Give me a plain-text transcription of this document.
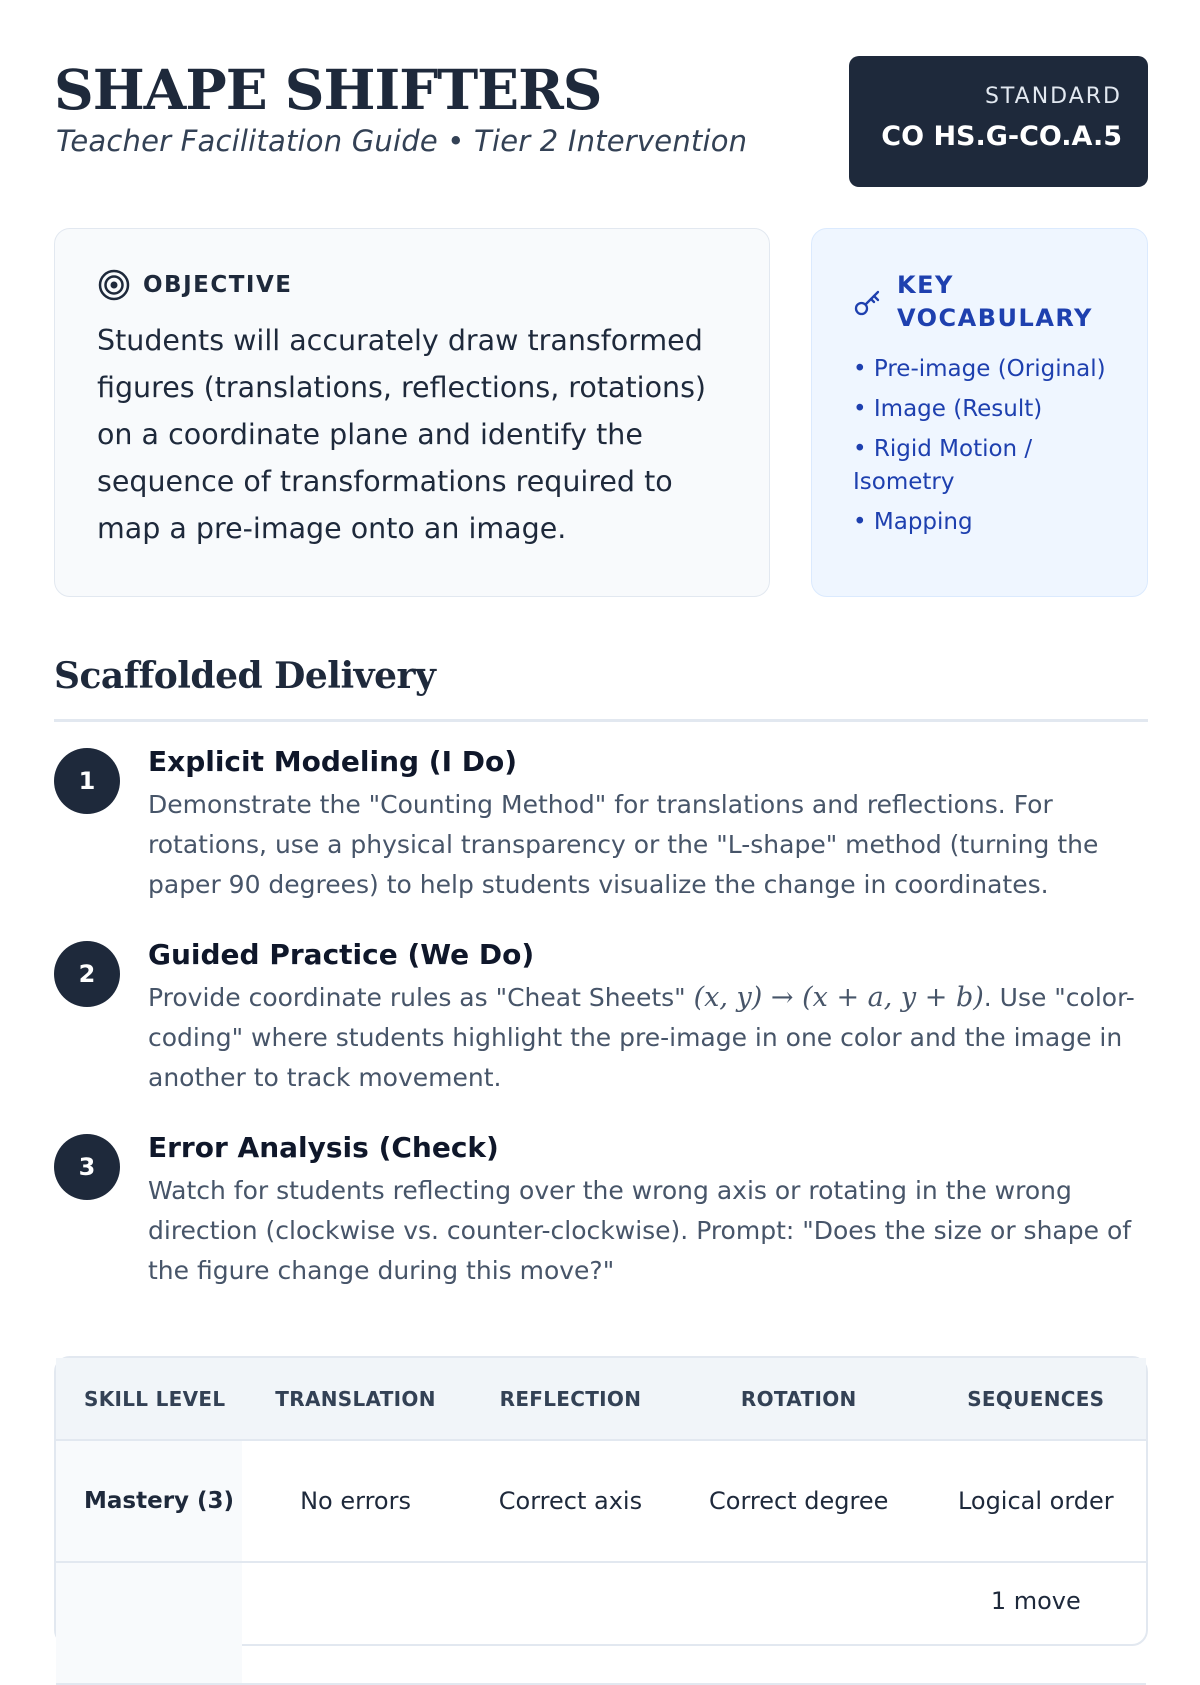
SHAPE SHIFTERS
Teacher Facilitation Guide • Tier 2 Intervention
STANDARD
CO HS.G-CO.A.5
OBJECTIVE

Students will accurately draw transformed figures (translations, reflections, rotations) on a coordinate plane and identify the sequence of transformations required to map a pre-image onto an image.

KEY
VOCABULARY
• Pre-image (Original)
• Image (Result)
• Rigid Motion / Isometry
• Mapping
Scaffolded Delivery
1
Explicit Modeling (I Do)

Demonstrate the "Counting Method" for translations and reflections. For rotations, use a physical transparency or the "L-shape" method (turning the paper 90 degrees) to help students visualize the change in coordinates.

2
Guided Practice (We Do)

Provide coordinate rules as "Cheat Sheets" (x, y) → (x + a, y + b). Use "color-coding" where students highlight the pre-image in one color and the image in another to track movement.

3
Error Analysis (Check)

Watch for students reflecting over the wrong axis or rotating in the wrong direction (clockwise vs. counter-clockwise). Prompt: "Does the size or shape of the figure change during this move?"

SKILL LEVEL	TRANSLATION	REFLECTION	ROTATION	SEQUENCES
Mastery (3)	No errors	Correct axis	Correct degree	Logical order
				1 move
